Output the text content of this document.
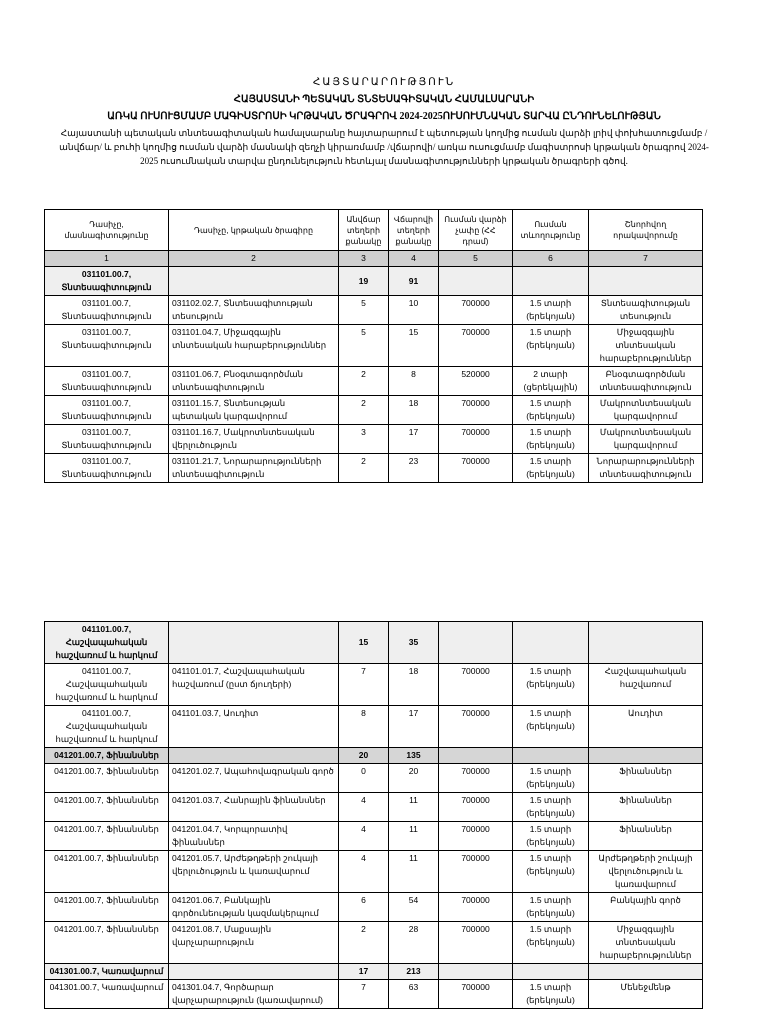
ՀԱՅՏԱՐԱՐՈՒԹՅՈՒՆ
ՀԱՅԱՍՏԱՆԻ ՊԵՏԱԿԱՆ ՏՆՏԵՍԱԳԻՏԱԿԱՆ ՀԱՄԱԼՍԱՐԱՆԻ
ԱՌԿԱ ՈՒՍՈՒՑՄԱՄԲ ՄԱԳԻՍՏՐՈՍԻ ԿՐԹԱԿԱՆ ԾՐԱԳՐՈՎ 2024-2025ՈՒՍՈՒՄՆԱԿԱՆ ՏԱՐՎԱ ԸՆԴՈՒՆԵԼՈՒԹՅԱՆ
Հայաստանի պետական տնտեսագիտական համալսարանը հայտարարում է պետության կողմից ուսման վարձի լրիվ փոխհատուցմամբ /անվճար/ և բուհի կողմից ուսման վարձի մասնակի զեղչի կիրառմամբ /վճարովի/ առկա ուսուցմամբ մագիստրոսի կրթական ծրագրով 2024-2025 ուսումնական տարվա ընդունելություն հետևյալ մասնագիտությունների կրթական ծրագրերի գծով.
Դասիչը, մասնագիտությունը	Դասիչը, կրթական ծրագիրը	Անվճար տեղերի քանակը	Վճարովի տեղերի քանակը	Ուսման վարձի չափը (ՀՀ դրամ)	Ուսման տևողությունը	Շնորհվող որակավորումը
1	2	3	4	5	6	7
031101.00.7, Տնտեսագիտություն		19	91			
031101.00.7, Տնտեսագիտություն	031102.02.7, Տնտեսագիտության տեսություն	5	10	700000	1.5 տարի (երեկոյան)	Տնտեսագիտության տեսություն
031101.00.7, Տնտեսագիտություն	031101.04.7, Միջազգային տնտեսական հարաբերություններ	5	15	700000	1.5 տարի (երեկոյան)	Միջազգային տնտեսական հարաբերություններ
031101.00.7, Տնտեսագիտություն	031101.06.7, Բնօգտագործման տնտեսագիտություն	2	8	520000	2 տարի (ցերեկային)	Բնօգտագործման տնտեսագիտություն
031101.00.7, Տնտեսագիտություն	031101.15.7, Տնտեսության պետական կարգավորում	2	18	700000	1.5 տարի (երեկոյան)	Մակրոտնտեսական կարգավորում
031101.00.7, Տնտեսագիտություն	031101.16.7, Մակրոտնտեսական վերլուծություն	3	17	700000	1.5 տարի (երեկոյան)	Մակրոտնտեսական կարգավորում
031101.00.7, Տնտեսագիտություն	031101.21.7, Նորարարությունների տնտեսագիտություն	2	23	700000	1.5 տարի (երեկոյան)	Նորարարությունների տնտեսագիտություն
041101.00.7, Հաշվապահական հաշվառում և հարկում		15	35			
041101.00.7, Հաշվապահական հաշվառում և հարկում	041101.01.7, Հաշվապահական հաշվառում (ըստ ճյուղերի)	7	18	700000	1.5 տարի (երեկոյան)	Հաշվապահական հաշվառում
041101.00.7, Հաշվապահական հաշվառում և հարկում	041101.03.7, Աուդիտ	8	17	700000	1.5 տարի (երեկոյան)	Աուդիտ
041201.00.7, Ֆինանսներ		20	135			
041201.00.7, Ֆինանսներ	041201.02.7, Ապահովագրական գործ	0	20	700000	1.5 տարի (երեկոյան)	Ֆինանսներ
041201.00.7, Ֆինանսներ	041201.03.7, Հանրային ֆինանսներ	4	11	700000	1.5 տարի (երեկոյան)	Ֆինանսներ
041201.00.7, Ֆինանսներ	041201.04.7, Կորպորատիվ ֆինանսներ	4	11	700000	1.5 տարի (երեկոյան)	Ֆինանսներ
041201.00.7, Ֆինանսներ	041201.05.7, Արժեթղթերի շուկայի վերլուծություն և կառավարում	4	11	700000	1.5 տարի (երեկոյան)	Արժեթղթերի շուկայի վերլուծություն և կառավարում
041201.00.7, Ֆինանսներ	041201.06.7, Բանկային գործունեության կազմակերպում	6	54	700000	1.5 տարի (երեկոյան)	Բանկային գործ
041201.00.7, Ֆինանսներ	041201.08.7, Մաքսային վարչարարություն	2	28	700000	1.5 տարի (երեկոյան)	Միջազգային տնտեսական հարաբերություններ
041301.00.7, Կառավարում		17	213			
041301.00.7, Կառավարում	041301.04.7, Գործարար վարչարարություն (կառավարում)	7	63	700000	1.5 տարի (երեկոյան)	Մենեջմենթ
